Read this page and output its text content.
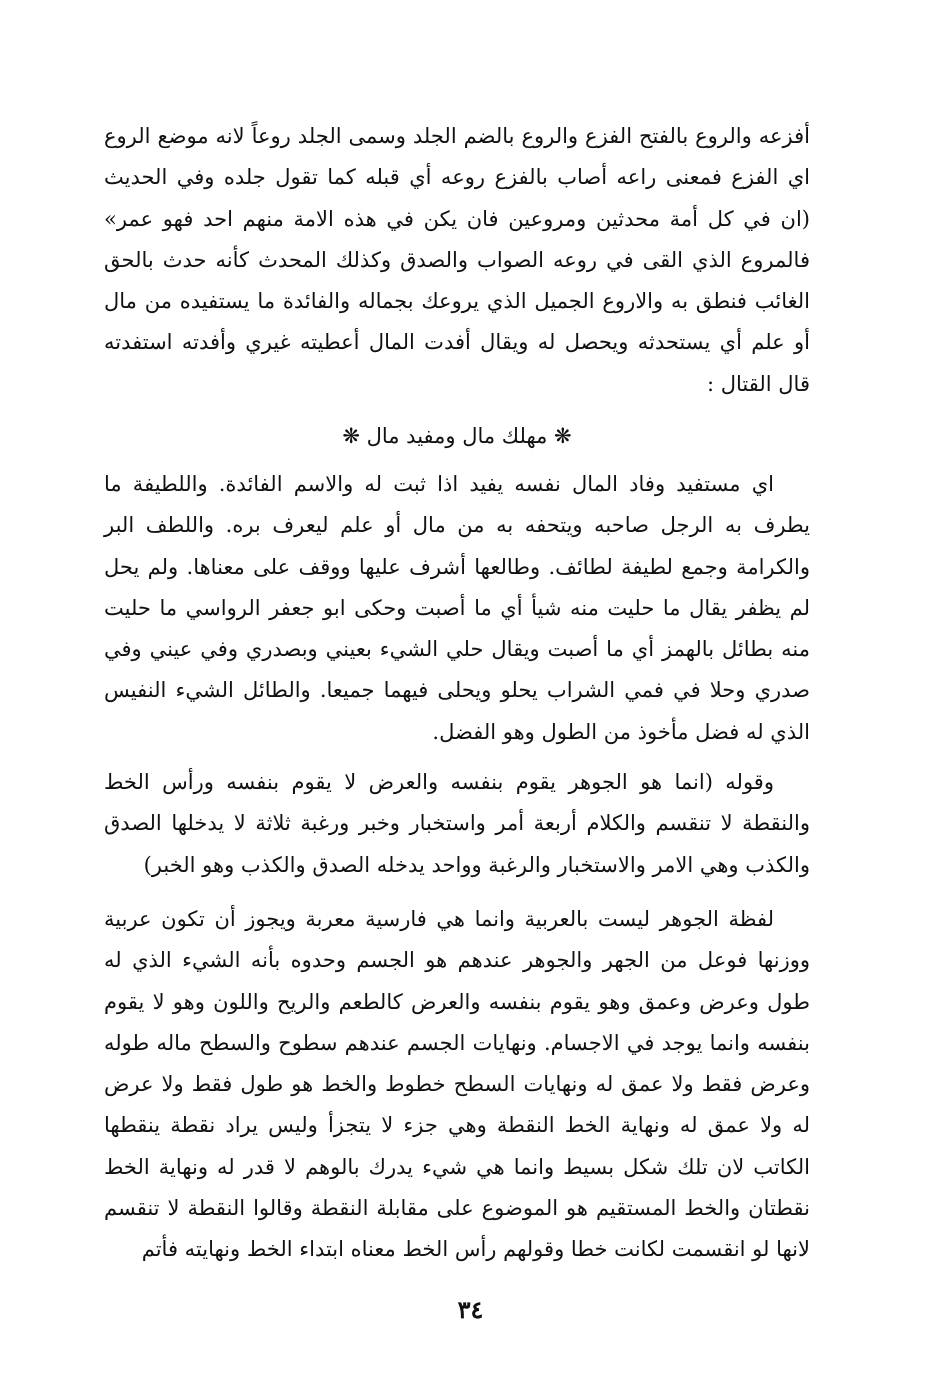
أفزعه والروع بالفتح الفزع والروع بالضم الجلد وسمى الجلد روعاً لانه موضع الروع اي الفزع فمعنى راعه أصاب بالفزع روعه أي قبله كما تقول جلده وفي الحديث (ان في كل أمة محدثين ومروعين فان يكن في هذه الامة منهم احد فهو عمر» فالمروع الذي القى في روعه الصواب والصدق وكذلك المحدث كأنه حدث بالحق الغائب فنطق به والاروع الجميل الذي يروعك بجماله والفائدة ما يستفيده من مال أو علم أي يستحدثه ويحصل له ويقال أفدت المال أعطيته غيري وأفدته استفدته قال القتال :

❋ مهلك مال ومفيد مال ❋

اي مستفيد وفاد المال نفسه يفيد اذا ثبت له والاسم الفائدة. واللطيفة ما يطرف به الرجل صاحبه ويتحفه به من مال أو علم ليعرف بره. واللطف البر والكرامة وجمع لطيفة لطائف. وطالعها أشرف عليها ووقف على معناها. ولم يحل لم يظفر يقال ما حليت منه شيأ أي ما أصبت وحكى ابو جعفر الرواسي ما حليت منه بطائل بالهمز أي ما أصبت ويقال حلي الشيء بعيني وبصدري وفي عيني وفي صدري وحلا في فمي الشراب يحلو ويحلى فيهما جميعا. والطائل الشيء النفيس الذي له فضل مأخوذ من الطول وهو الفضل.

وقوله (انما هو الجوهر يقوم بنفسه والعرض لا يقوم بنفسه ورأس الخط والنقطة لا تنقسم والكلام أربعة أمر واستخبار وخبر ورغبة ثلاثة لا يدخلها الصدق والكذب وهي الامر والاستخبار والرغبة وواحد يدخله الصدق والكذب وهو الخبر)

لفظة الجوهر ليست بالعربية وانما هي فارسية معربة ويجوز أن تكون عربية ووزنها فوعل من الجهر والجوهر عندهم هو الجسم وحدوه بأنه الشيء الذي له طول وعرض وعمق وهو يقوم بنفسه والعرض كالطعم والريح واللون وهو لا يقوم بنفسه وانما يوجد في الاجسام. ونهايات الجسم عندهم سطوح والسطح ماله طوله وعرض فقط ولا عمق له ونهايات السطح خطوط والخط هو طول فقط ولا عرض له ولا عمق له ونهاية الخط النقطة وهي جزء لا يتجزأ وليس يراد نقطة ينقطها الكاتب لان تلك شكل بسيط وانما هي شيء يدرك بالوهم لا قدر له ونهاية الخط نقطتان والخط المستقيم هو الموضوع على مقابلة النقطة وقالوا النقطة لا تنقسم لانها لو انقسمت لكانت خطا وقولهم رأس الخط معناه ابتداء الخط ونهايته فأتم

٣٤
